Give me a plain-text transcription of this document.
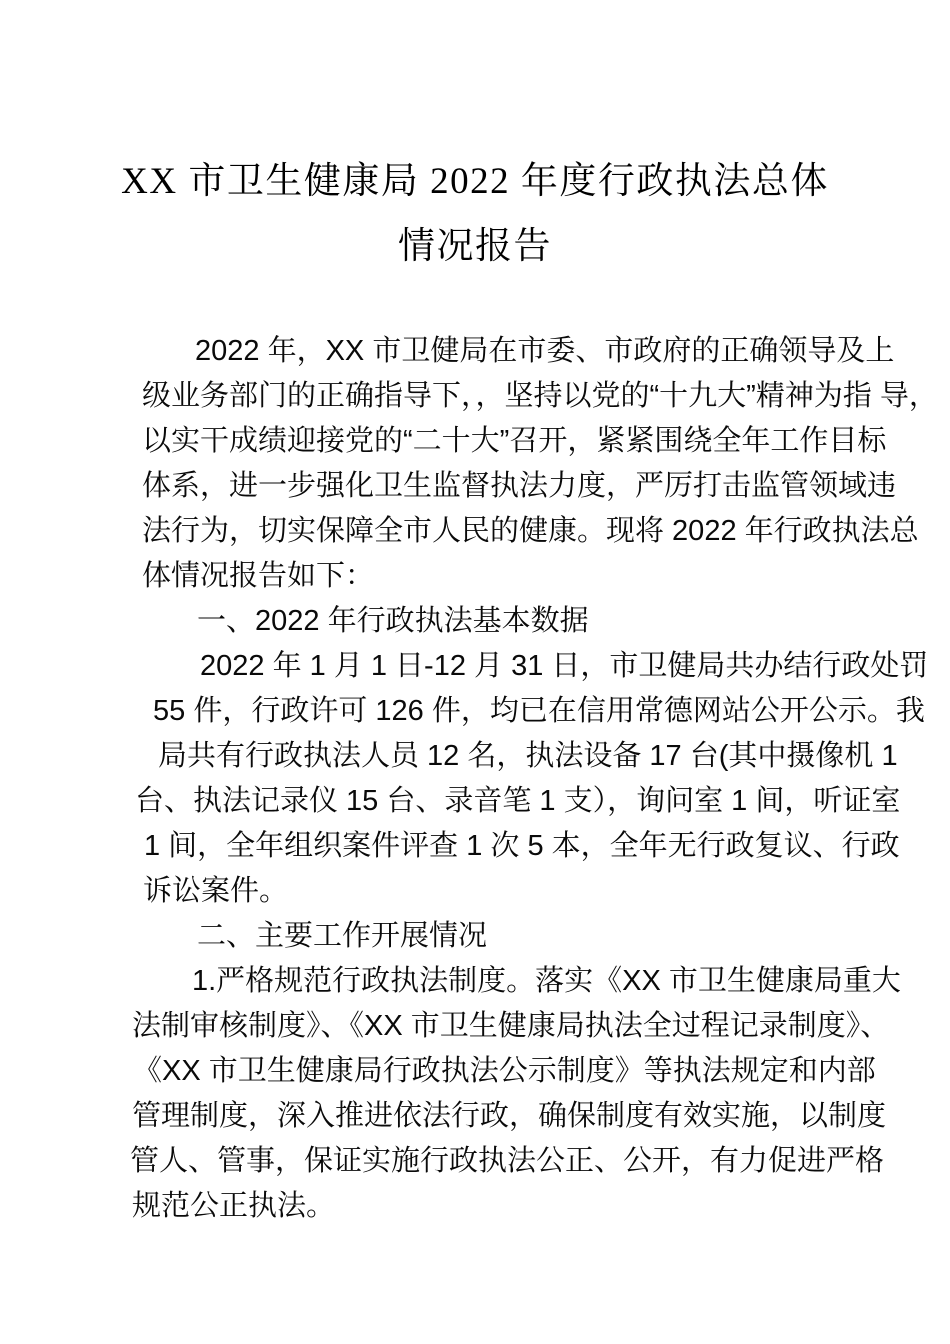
XX 市卫生健康局 2022 年度行政执法总体
情况报告
2022 年，XX 市卫健局在市委、市政府的正确领导及上
级业务部门的正确指导下，，坚持以党的“十九大”精神为指 导，
以实干成绩迎接党的“二十大”召开，紧紧围绕全年工作目标
体系，进一步强化卫生监督执法力度，严厉打击监管领域违
法行为，切实保障全市人民的健康。现将 2022 年行政执法总
体情况报告如下：
一、2022 年行政执法基本数据
2022 年 1 月 1 日-12 月 31 日，市卫健局共办结行政处罚
55 件，行政许可 126 件，均已在信用常德网站公开公示。我
局共有行政执法人员 12 名，执法设备 17 台(其中摄像机 1
台、执法记录仪 15 台、录音笔 1 支），询问室 1 间，听证室
1 间，全年组织案件评查 1 次 5 本，全年无行政复议、行政
诉讼案件。
二、主要工作开展情况
1.严格规范行政执法制度。落实《XX 市卫生健康局重大
法制审核制度》、《XX 市卫生健康局执法全过程记录制度》、
《XX 市卫生健康局行政执法公示制度》等执法规定和内部
管理制度，深入推进依法行政，确保制度有效实施，以制度
管人、管事，保证实施行政执法公正、公开，有力促进严格
规范公正执法。
